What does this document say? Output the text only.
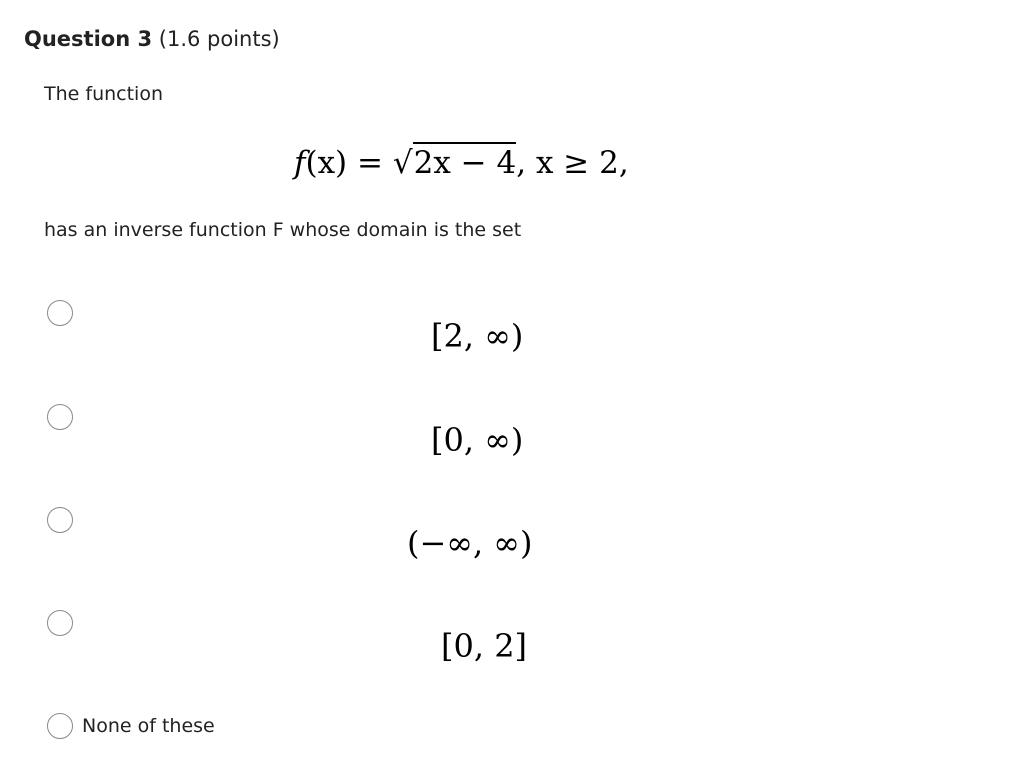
Question 3 (1.6 points)
The function
f(x) = √2x − 4, x ≥ 2,
has an inverse function F whose domain is the set
[2, ∞)
[0, ∞)
(−∞, ∞)
[0, 2]
None of these
